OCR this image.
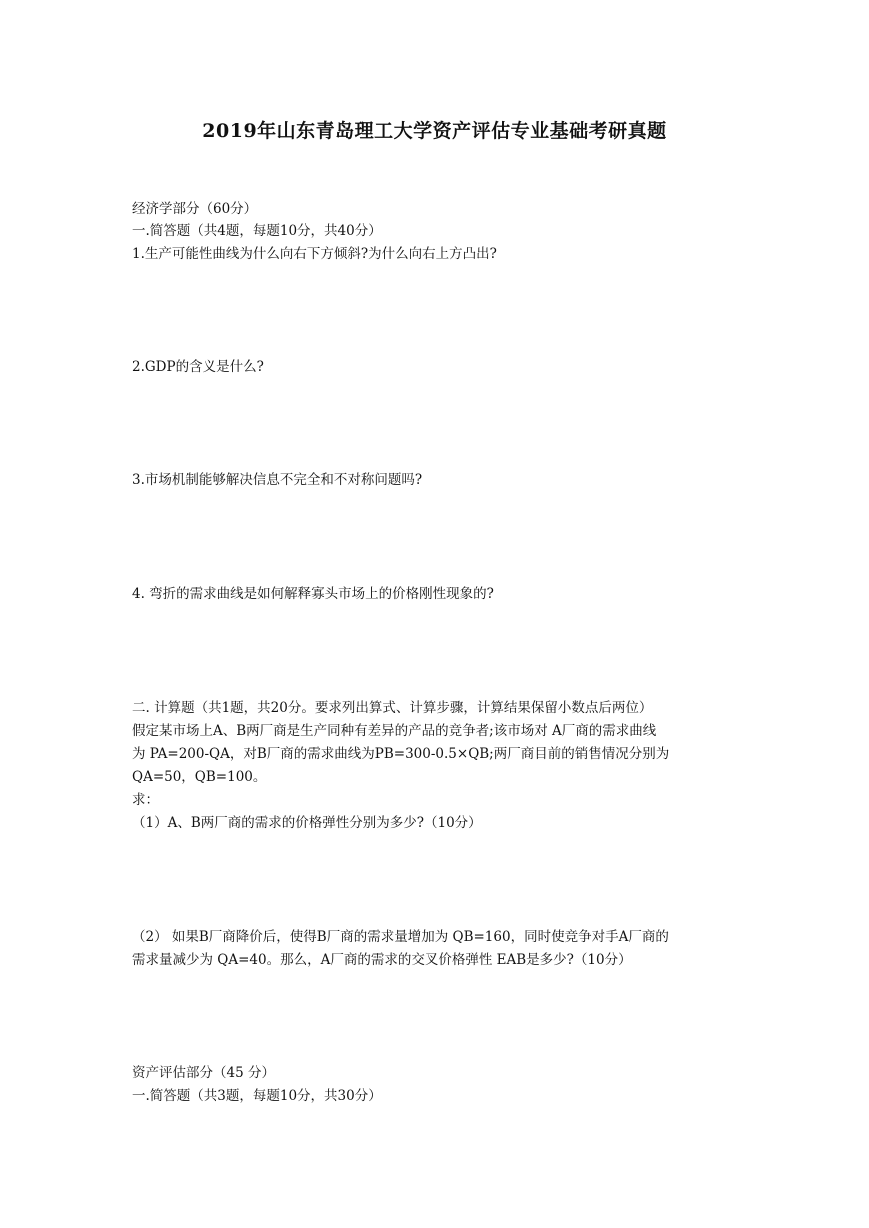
2019年山东青岛理工大学资产评估专业基础考研真题
经济学部分（60分）
一.简答题（共4题，每题10分，共40分）
1.生产可能性曲线为什么向右下方倾斜?为什么向右上方凸出?
2.GDP的含义是什么?
3.市场机制能够解决信息不完全和不对称问题吗?
4. 弯折的需求曲线是如何解释寡头市场上的价格刚性现象的?
二. 计算题（共1题，共20分。要求列出算式、计算步骤，计算结果保留小数点后两位）
假定某市场上A、B两厂商是生产同种有差异的产品的竞争者;该市场对 A厂商的需求曲线
为 PA=200-QA，对B厂商的需求曲线为PB=300-0.5×QB;两厂商目前的销售情况分别为
QA=50，QB=100。
求：
（1）A、B两厂商的需求的价格弹性分别为多少?（10分）
（2） 如果B厂商降价后，使得B厂商的需求量增加为 QB=160，同时使竞争对手A厂商的
需求量减少为 QA=40。那么，A厂商的需求的交叉价格弹性 EAB是多少?（10分）
资产评估部分（45 分）
一.简答题（共3题，每题10分，共30分）
